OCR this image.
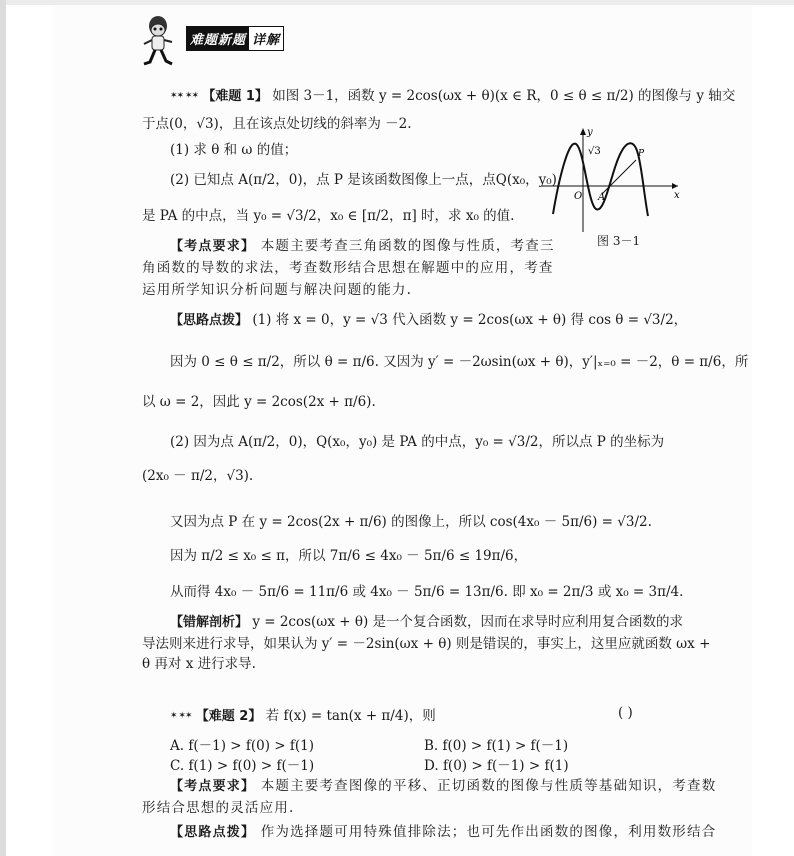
难题新题 详解
✶✶ ✶✶ 【难题 1】 如图 3－1，函数 y = 2cos(ωx + θ)(x ∈ R，0 ≤ θ ≤ π/2) 的图像与 y 轴交
于点(0，√3)，且在该点处切线的斜率为 －2.
(1) 求 θ 和 ω 的值；
(2) 已知点 A(π/2，0)，点 P 是该函数图像上一点，点Q(x₀，y₀)
是 PA 的中点，当 y₀ = √3/2，x₀ ∈ [π/2，π] 时，求 x₀ 的值.
√3
O A
P
y
x
图 3－1
【考点要求】 本题主要考查三角函数的图像与性质，考查三
角函数的导数的求法，考查数形结合思想在解题中的应用，考查
运用所学知识分析问题与解决问题的能力.
【思路点拨】 (1) 将 x = 0，y = √3 代入函数 y = 2cos(ωx + θ) 得 cos θ = √3/2，
因为 0 ≤ θ ≤ π/2，所以 θ = π/6. 又因为 y′ = －2ωsin(ωx + θ)，y′|ₓ₌₀ = －2，θ = π/6，所
以 ω = 2，因此 y = 2cos(2x + π/6).
(2) 因为点 A(π/2，0)，Q(x₀，y₀) 是 PA 的中点，y₀ = √3/2，所以点 P 的坐标为
(2x₀ － π/2，√3).
又因为点 P 在 y = 2cos(2x + π/6) 的图像上，所以 cos(4x₀ － 5π/6) = √3/2.
因为 π/2 ≤ x₀ ≤ π，所以 7π/6 ≤ 4x₀ － 5π/6 ≤ 19π/6，
从而得 4x₀ － 5π/6 = 11π/6 或 4x₀ － 5π/6 = 13π/6. 即 x₀ = 2π/3 或 x₀ = 3π/4.
【错解剖析】 y = 2cos(ωx + θ) 是一个复合函数，因而在求导时应利用复合函数的求
导法则来进行求导，如果认为 y′ = －2sin(ωx + θ) 则是错误的，事实上，这里应就函数 ωx +
θ 再对 x 进行求导.
✶ ✶✶ 【难题 2】 若 f(x) = tan(x + π/4)，则	( )
A. f(－1) > f(0) > f(1)	B. f(0) > f(1) > f(－1)
C. f(1) > f(0) > f(－1)	D. f(0) > f(－1) > f(1)
【考点要求】 本题主要考查图像的平移、正切函数的图像与性质等基础知识，考查数
形结合思想的灵活应用.
【思路点拨】 作为选择题可用特殊值排除法；也可先作出函数的图像，利用数形结合
